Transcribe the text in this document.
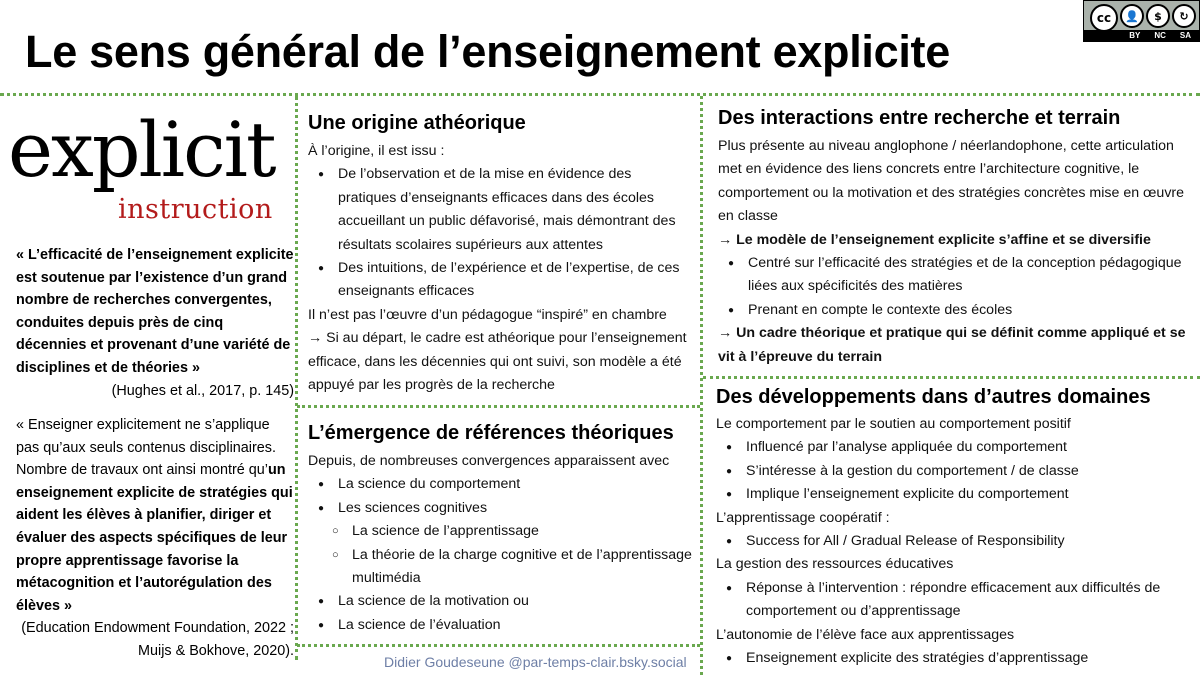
Le sens général de l’enseignement explicite
cc	👤	$	↻
BY NC SA
explicit
instruction
« L’efficacité de l’enseignement explicite est soutenue par l’existence d’un grand nombre de recherches convergentes, conduites depuis près de cinq décennies et provenant d’une variété de disciplines et de théories »
(Hughes et al., 2017, p. 145)
« Enseigner explicitement ne s’applique pas qu’aux seuls contenus disciplinaires. Nombre de travaux ont ainsi montré qu’un enseignement explicite de stratégies qui aident les élèves à planifier, diriger et évaluer des aspects spécifiques de leur propre apprentissage favorise la métacognition et l’autorégulation des élèves »
(Education Endowment Foundation, 2022 ; Muijs & Bokhove, 2020).
Une origine athéorique

À l’origine, il est issu :

● De l’observation et de la mise en évidence des pratiques d’enseignants efficaces dans des écoles accueillant un public défavorisé, mais démontrant des résultats scolaires supérieurs aux attentes
● Des intuitions, de l’expérience et de l’expertise, de ces enseignants efficaces

Il n’est pas l’œuvre d’un pédagogue “inspiré” en chambre

→ Si au départ, le cadre est athéorique pour l’enseignement efficace, dans les décennies qui ont suivi, son modèle a été appuyé par les progrès de la recherche

L’émergence de références théoriques

Depuis, de nombreuses convergences apparaissent avec

● La science du comportement
● Les sciences cognitives
○ La science de l’apprentissage
○ La théorie de la charge cognitive et de l’apprentissage multimédia
● La science de la motivation ou
● La science de l’évaluation
Des interactions entre recherche et terrain

Plus présente au niveau anglophone / néerlandophone, cette articulation met en évidence des liens concrets entre l’architecture cognitive, le comportement ou la motivation et des stratégies concrètes mise en œuvre en classe

→ Le modèle de l’enseignement explicite s’affine et se diversifie

● Centré sur l’efficacité des stratégies et de la conception pédagogique liées aux spécificités des matières
● Prenant en compte le contexte des écoles

→ Un cadre théorique et pratique qui se définit comme appliqué et se vit à l’épreuve du terrain

Des développements dans d’autres domaines

Le comportement par le soutien au comportement positif

● Influencé par l’analyse appliquée du comportement
● S’intéresse à la gestion du comportement / de classe
● Implique l’enseignement explicite du comportement

L’apprentissage coopératif :

● Success for All / Gradual Release of Responsibility

La gestion des ressources éducatives

● Réponse à l’intervention : répondre efficacement aux difficultés de comportement ou d’apprentissage

L’autonomie de l’élève face aux apprentissages

● Enseignement explicite des stratégies d’apprentissage
Didier Goudeseune @par-temps-clair.bsky.social
